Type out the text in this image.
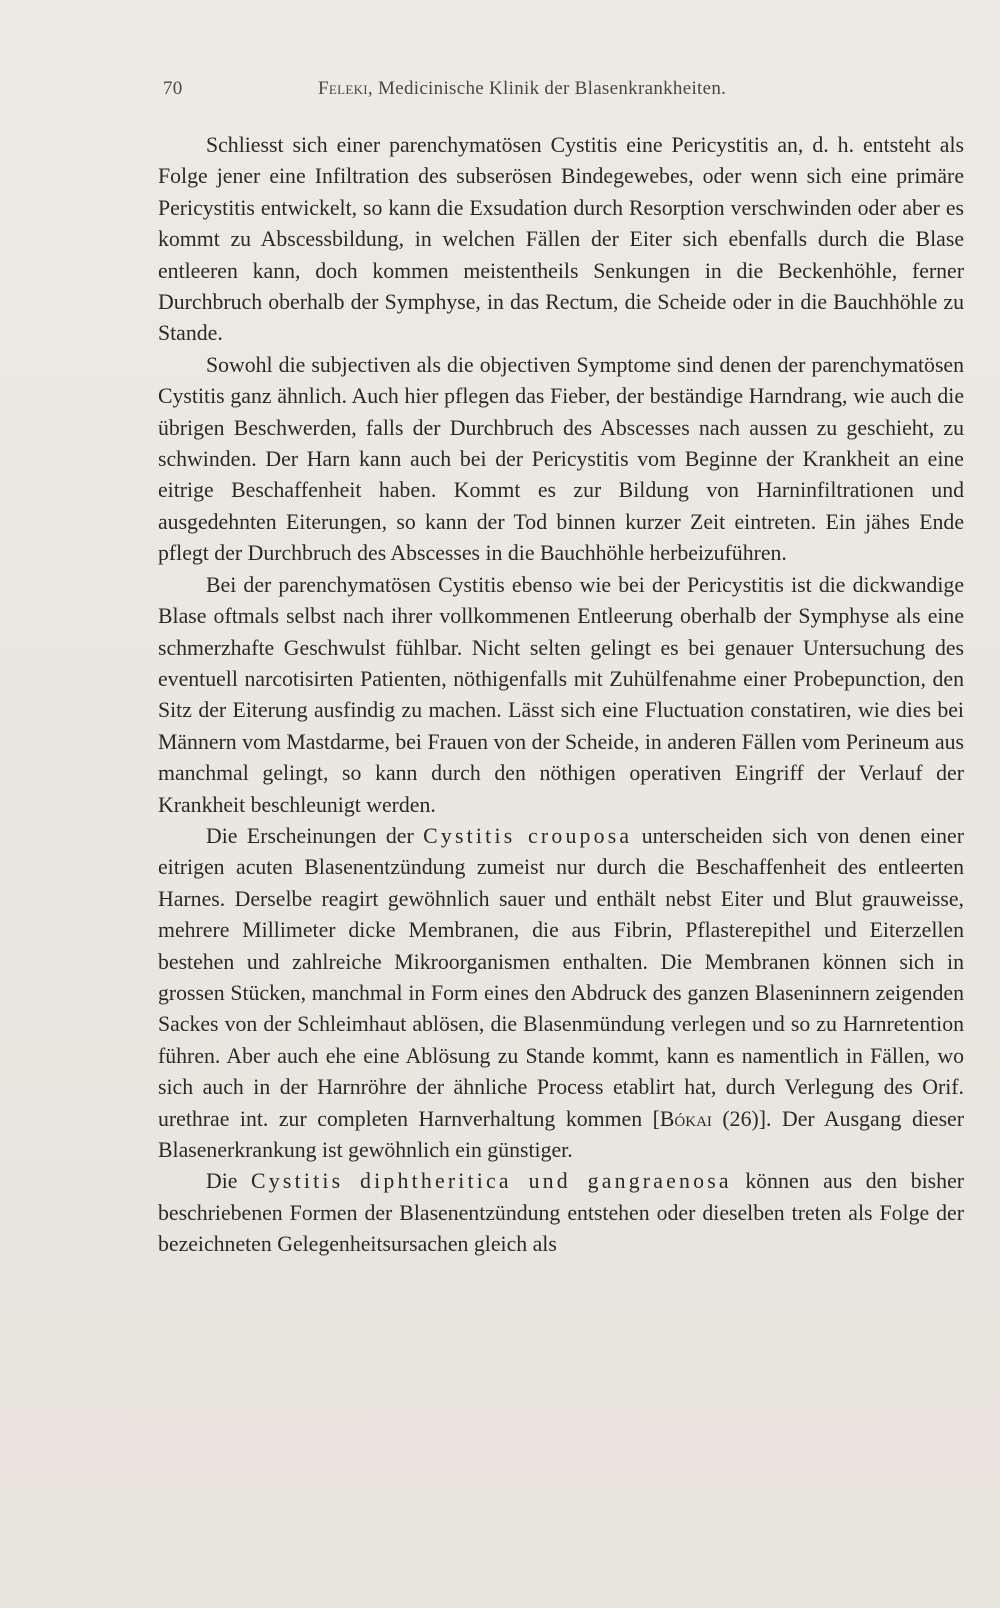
70	Feleki, Medicinische Klinik der Blasenkrankheiten.

Schliesst sich einer parenchymatösen Cystitis eine Pericystitis an, d. h. entsteht als Folge jener eine Infiltration des subserösen Bindegewebes, oder wenn sich eine primäre Pericystitis entwickelt, so kann die Exsudation durch Resorption verschwinden oder aber es kommt zu Abscessbildung, in welchen Fällen der Eiter sich ebenfalls durch die Blase entleeren kann, doch kommen meistentheils Senkungen in die Beckenhöhle, ferner Durchbruch oberhalb der Symphyse, in das Rectum, die Scheide oder in die Bauchhöhle zu Stande.

Sowohl die subjectiven als die objectiven Symptome sind denen der parenchymatösen Cystitis ganz ähnlich. Auch hier pflegen das Fieber, der beständige Harndrang, wie auch die übrigen Beschwerden, falls der Durchbruch des Abscesses nach aussen zu geschieht, zu schwinden. Der Harn kann auch bei der Pericystitis vom Beginne der Krankheit an eine eitrige Beschaffenheit haben. Kommt es zur Bildung von Harninfiltrationen und ausgedehnten Eiterungen, so kann der Tod binnen kurzer Zeit eintreten. Ein jähes Ende pflegt der Durchbruch des Abscesses in die Bauchhöhle herbeizuführen.

Bei der parenchymatösen Cystitis ebenso wie bei der Pericystitis ist die dickwandige Blase oftmals selbst nach ihrer vollkommenen Entleerung oberhalb der Symphyse als eine schmerzhafte Geschwulst fühlbar. Nicht selten gelingt es bei genauer Untersuchung des eventuell narcotisirten Patienten, nöthigenfalls mit Zuhülfenahme einer Probepunction, den Sitz der Eiterung ausfindig zu machen. Lässt sich eine Fluctuation constatiren, wie dies bei Männern vom Mastdarme, bei Frauen von der Scheide, in anderen Fällen vom Perineum aus manchmal gelingt, so kann durch den nöthigen operativen Eingriff der Verlauf der Krankheit beschleunigt werden.

Die Erscheinungen der Cystitis crouposa unterscheiden sich von denen einer eitrigen acuten Blasenentzündung zumeist nur durch die Beschaffenheit des entleerten Harnes. Derselbe reagirt gewöhnlich sauer und enthält nebst Eiter und Blut grauweisse, mehrere Millimeter dicke Membranen, die aus Fibrin, Pflasterepithel und Eiterzellen bestehen und zahlreiche Mikroorganismen enthalten. Die Membranen können sich in grossen Stücken, manchmal in Form eines den Abdruck des ganzen Blaseninnern zeigenden Sackes von der Schleimhaut ablösen, die Blasenmündung verlegen und so zu Harnretention führen. Aber auch ehe eine Ablösung zu Stande kommt, kann es namentlich in Fällen, wo sich auch in der Harnröhre der ähnliche Process etablirt hat, durch Verlegung des Orif. urethrae int. zur completen Harnverhaltung kommen [Bókai (26)]. Der Ausgang dieser Blasenerkrankung ist gewöhnlich ein günstiger.

Die Cystitis diphtheritica und gangraenosa können aus den bisher beschriebenen Formen der Blasenentzündung entstehen oder dieselben treten als Folge der bezeichneten Gelegenheitsursachen gleich als
